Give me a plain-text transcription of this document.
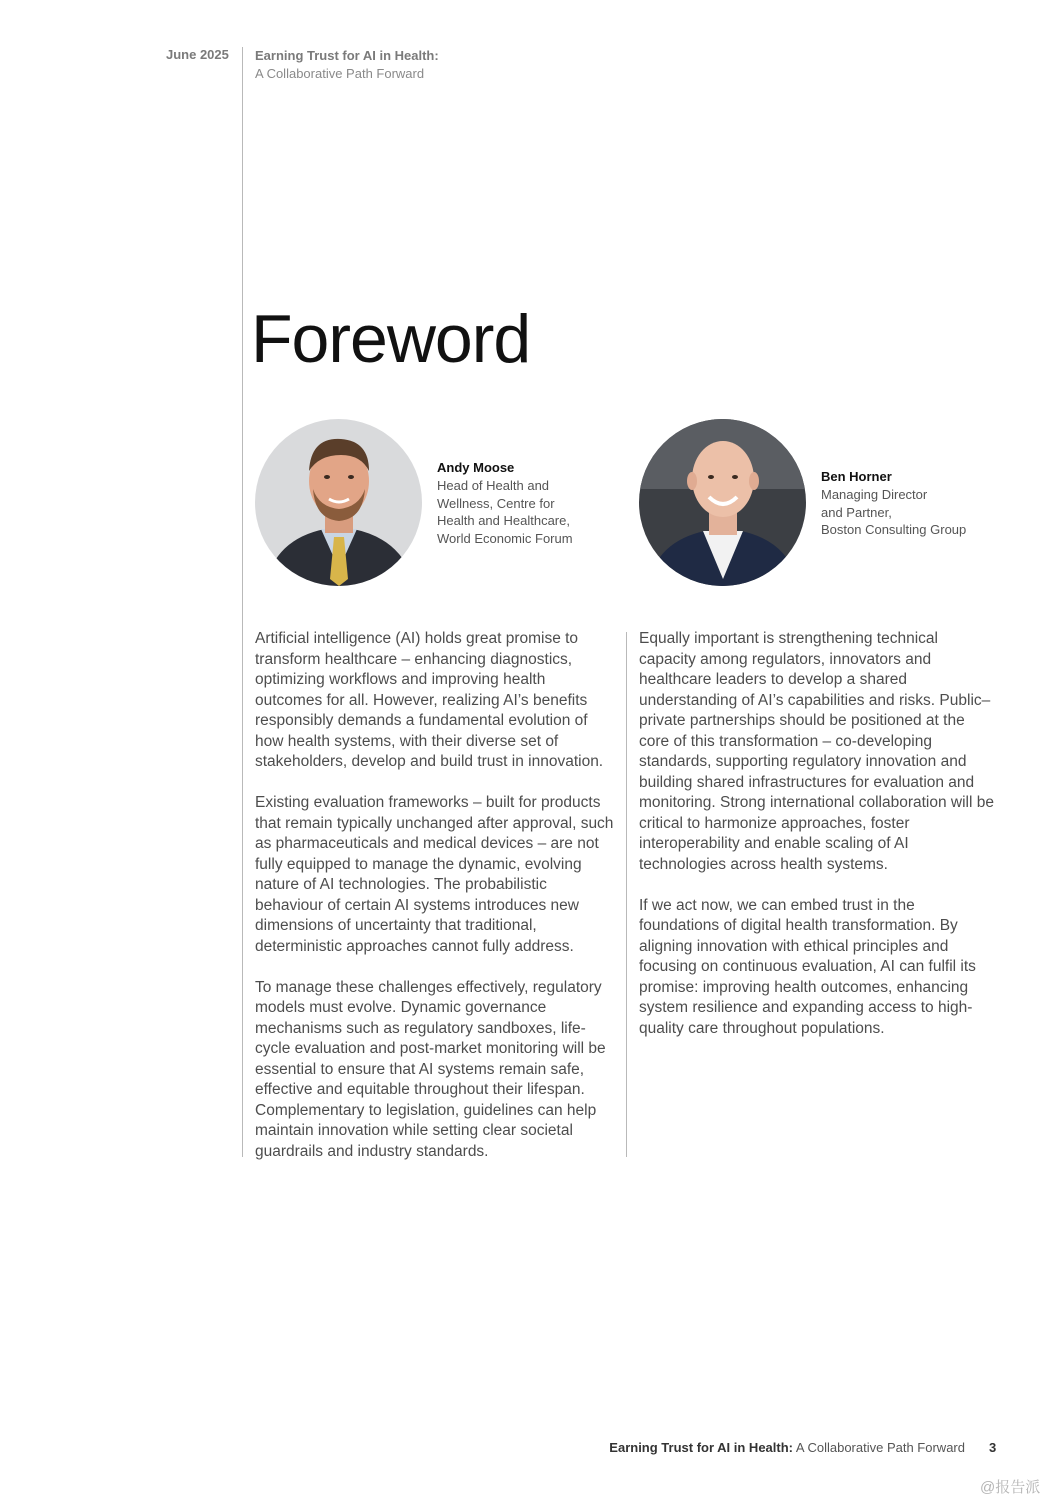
June 2025 Earning Trust for AI in Health:
A Collaborative Path Forward
Foreword
Andy Moose
Head of Health and
Wellness, Centre for
Health and Healthcare,
World Economic Forum
Ben Horner
Managing Director
and Partner,
Boston Consulting Group

Artificial intelligence (AI) holds great promise to transform healthcare – enhancing diagnostics, optimizing workflows and improving health outcomes for all. However, realizing AI’s benefits responsibly demands a fundamental evolution of how health systems, with their diverse set of stakeholders, develop and build trust in innovation.

Existing evaluation frameworks – built for products that remain typically unchanged after approval, such as pharmaceuticals and medical devices – are not fully equipped to manage the dynamic, evolving nature of AI technologies. The probabilistic behaviour of certain AI systems introduces new dimensions of uncertainty that traditional, deterministic approaches cannot fully address.

To manage these challenges effectively, regulatory models must evolve. Dynamic governance mechanisms such as regulatory sandboxes, life-cycle evaluation and post-market monitoring will be essential to ensure that AI systems remain safe, effective and equitable throughout their lifespan. Complementary to legislation, guidelines can help maintain innovation while setting clear societal guardrails and industry standards.

Equally important is strengthening technical capacity among regulators, innovators and healthcare leaders to develop a shared understanding of AI’s capabilities and risks. Public–private partnerships should be positioned at the core of this transformation – co-developing standards, supporting regulatory innovation and building shared infrastructures for evaluation and monitoring. Strong international collaboration will be critical to harmonize approaches, foster interoperability and enable scaling of AI technologies across health systems.

If we act now, we can embed trust in the foundations of digital health transformation. By aligning innovation with ethical principles and focusing on continuous evaluation, AI can fulfil its promise: improving health outcomes, enhancing system resilience and expanding access to high-quality care throughout populations.

Earning Trust for AI in Health: A Collaborative Path Forward 3
@报告派
